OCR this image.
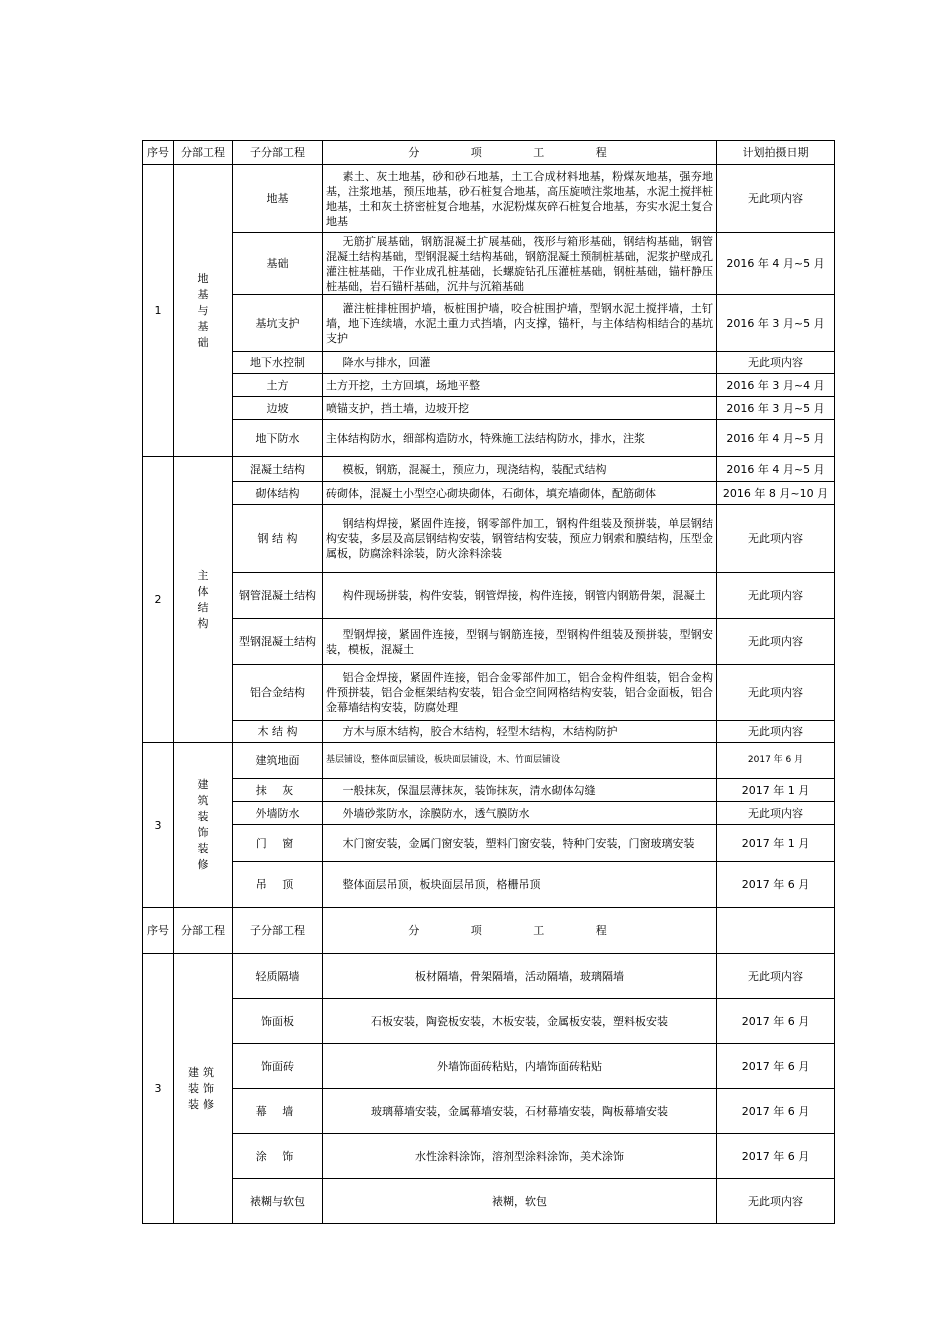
序号	分部工程	子分部工程	分 项 工 程	计划拍摄日期
1	地基与基础	地基	素土、灰土地基，砂和砂石地基，土工合成材料地基，粉煤灰地基，强夯地基，注浆地基，预压地基，砂石桩复合地基，高压旋喷注浆地基，水泥土搅拌桩地基，土和灰土挤密桩复合地基，水泥粉煤灰碎石桩复合地基，夯实水泥土复合地基	无此项内容
		基础	无筋扩展基础，钢筋混凝土扩展基础，筏形与箱形基础，钢结构基础，钢管混凝土结构基础，型钢混凝土结构基础，钢筋混凝土预制桩基础，泥浆护壁成孔灌注桩基础，干作业成孔桩基础，长螺旋钻孔压灌桩基础，钢桩基础，锚杆静压桩基础，岩石锚杆基础，沉井与沉箱基础	2016 年 4 月~5 月
		基坑支护	灌注桩排桩围护墙，板桩围护墙，咬合桩围护墙，型钢水泥土搅拌墙，土钉墙，地下连续墙，水泥土重力式挡墙，内支撑，锚杆，与主体结构相结合的基坑支护	2016 年 3 月~5 月
		地下水控制	降水与排水，回灌	无此项内容
		土方	土方开挖，土方回填，场地平整	2016 年 3 月~4 月
		边坡	喷锚支护，挡土墙，边坡开挖	2016 年 3 月~5 月
		地下防水	主体结构防水，细部构造防水，特殊施工法结构防水，排水，注浆	2016 年 4 月~5 月
2	主体结构	混凝土结构	模板，钢筋，混凝土，预应力，现浇结构，装配式结构	2016 年 4 月~5 月
		砌体结构	砖砌体，混凝土小型空心砌块砌体，石砌体，填充墙砌体，配筋砌体	2016 年 8 月~10 月
		钢 结 构	钢结构焊接，紧固件连接，钢零部件加工，钢构件组装及预拼装，单层钢结构安装，多层及高层钢结构安装，钢管结构安装，预应力钢索和膜结构，压型金属板，防腐涂料涂装，防火涂料涂装	无此项内容
		钢管混凝土结构	构件现场拼装，构件安装，钢管焊接，构件连接，钢管内钢筋骨架，混凝土	无此项内容
		型钢混凝土结构	型钢焊接，紧固件连接，型钢与钢筋连接，型钢构件组装及预拼装，型钢安装，模板，混凝土	无此项内容
		铝合金结构	铝合金焊接，紧固件连接，铝合金零部件加工，铝合金构件组装，铝合金构件预拼装，铝合金框架结构安装，铝合金空间网格结构安装，铝合金面板，铝合金幕墙结构安装，防腐处理	无此项内容
		木 结 构	方木与原木结构，胶合木结构，轻型木结构，木结构防护	无此项内容
3	建筑装饰装修	建筑地面	基层铺设，整体面层铺设，板块面层铺设，木、竹面层铺设	2017 年 6 月
		抹 灰	一般抹灰，保温层薄抹灰，装饰抹灰，清水砌体勾缝	2017 年 1 月
		外墙防水	外墙砂浆防水，涂膜防水，透气膜防水	无此项内容
		门 窗	木门窗安装，金属门窗安装，塑料门窗安装，特种门安装，门窗玻璃安装	2017 年 1 月
		吊 顶	整体面层吊顶，板块面层吊顶，格栅吊顶	2017 年 6 月
序号	分部工程	子分部工程	分 项 工 程	
3	建筑装饰装修	轻质隔墙	板材隔墙，骨架隔墙，活动隔墙，玻璃隔墙	无此项内容
		饰面板	石板安装，陶瓷板安装，木板安装，金属板安装，塑料板安装	2017 年 6 月
		饰面砖	外墙饰面砖粘贴，内墙饰面砖粘贴	2017 年 6 月
		幕 墙	玻璃幕墙安装，金属幕墙安装，石材幕墙安装，陶板幕墙安装	2017 年 6 月
		涂 饰	水性涂料涂饰，溶剂型涂料涂饰，美术涂饰	2017 年 6 月
		裱糊与软包	裱糊，软包	无此项内容
